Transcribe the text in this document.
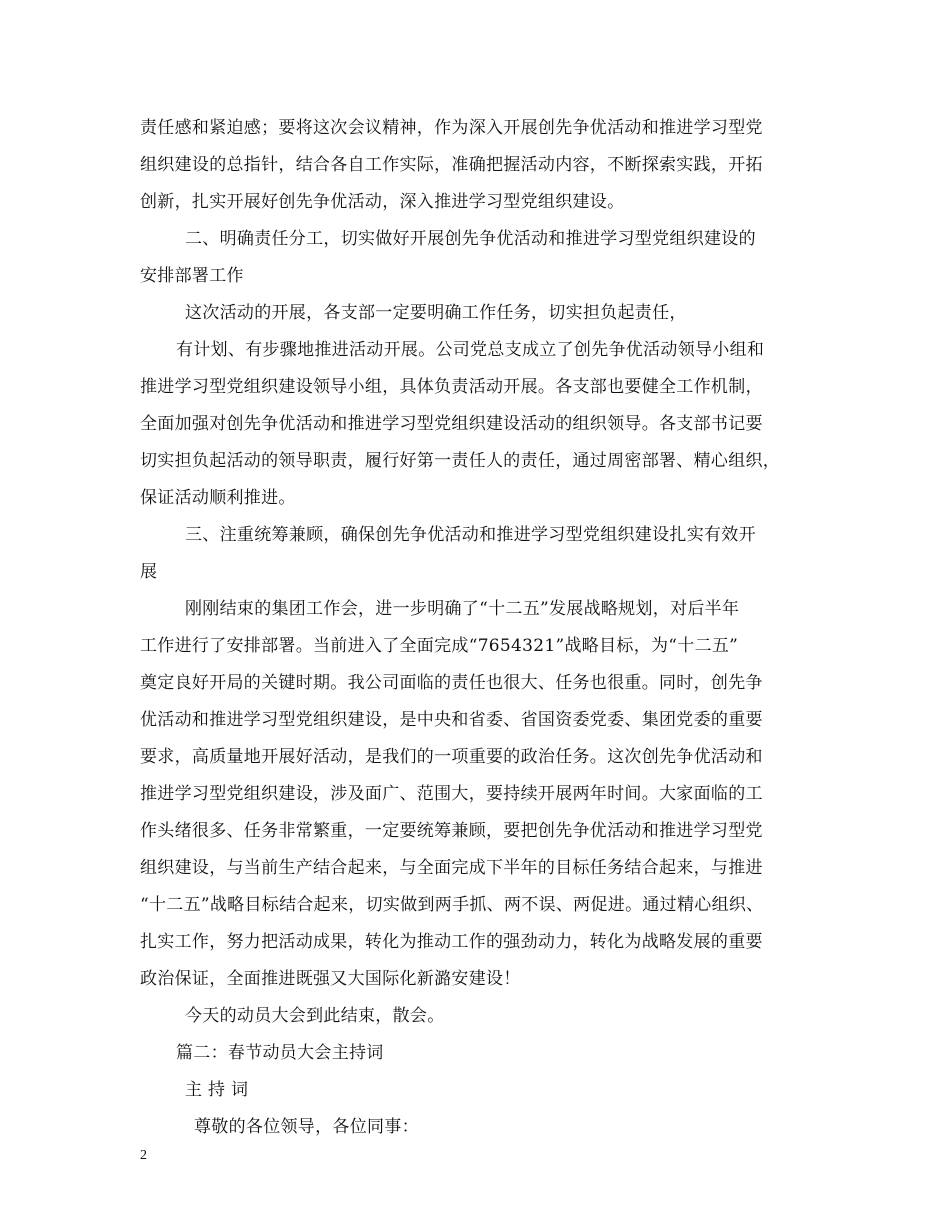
责任感和紧迫感；要将这次会议精神，作为深入开展创先争优活动和推进学习型党
组织建设的总指针，结合各自工作实际，准确把握活动内容，不断探索实践，开拓
创新，扎实开展好创先争优活动，深入推进学习型党组织建设。
二、明确责任分工，切实做好开展创先争优活动和推进学习型党组织建设的
安排部署工作
这次活动的开展，各支部一定要明确工作任务，切实担负起责任，
有计划、有步骤地推进活动开展。公司党总支成立了创先争优活动领导小组和
推进学习型党组织建设领导小组，具体负责活动开展。各支部也要健全工作机制，
全面加强对创先争优活动和推进学习型党组织建设活动的组织领导。各支部书记要
切实担负起活动的领导职责，履行好第一责任人的责任，通过周密部署、精心组织，
保证活动顺利推进。
三、注重统筹兼顾，确保创先争优活动和推进学习型党组织建设扎实有效开
展
刚刚结束的集团工作会，进一步明确了“十二五”发展战略规划，对后半年
工作进行了安排部署。当前进入了全面完成“7654321”战略目标，为“十二五”
奠定良好开局的关键时期。我公司面临的责任也很大、任务也很重。同时，创先争
优活动和推进学习型党组织建设，是中央和省委、省国资委党委、集团党委的重要
要求，高质量地开展好活动，是我们的一项重要的政治任务。这次创先争优活动和
推进学习型党组织建设，涉及面广、范围大，要持续开展两年时间。大家面临的工
作头绪很多、任务非常繁重，一定要统筹兼顾，要把创先争优活动和推进学习型党
组织建设，与当前生产结合起来，与全面完成下半年的目标任务结合起来，与推进
“十二五”战略目标结合起来，切实做到两手抓、两不误、两促进。通过精心组织、
扎实工作，努力把活动成果，转化为推动工作的强劲动力，转化为战略发展的重要
政治保证，全面推进既强又大国际化新潞安建设！
今天的动员大会到此结束，散会。
篇二：春节动员大会主持词
主 持 词
尊敬的各位领导，各位同事：
2
